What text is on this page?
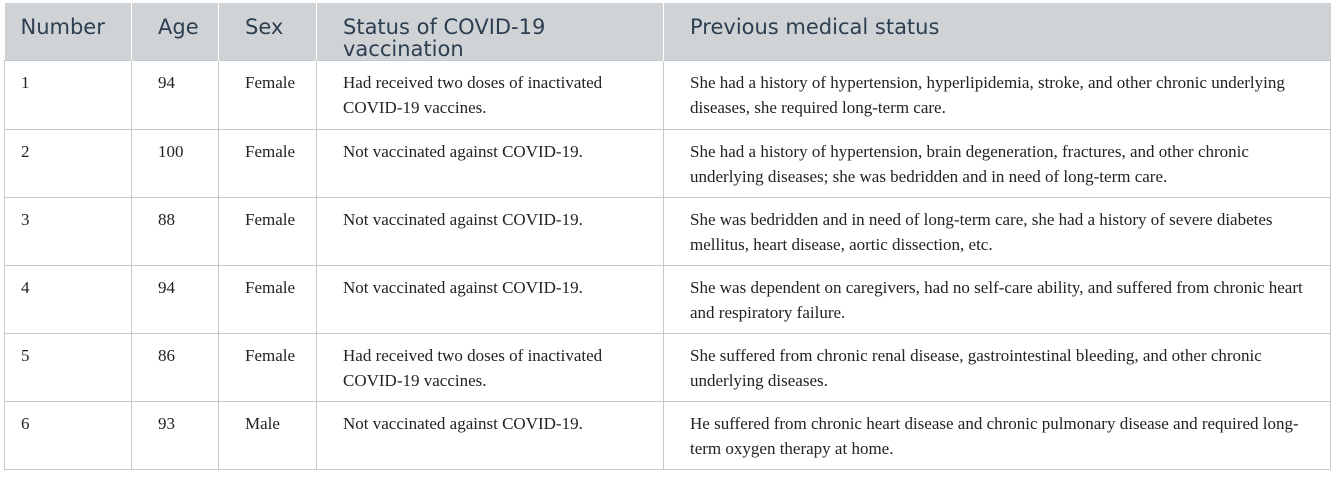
Number	Age	Sex	Status of COVID-19 vaccination	Previous medical status
1	94	Female	Had received two doses of inactivated COVID-19 vaccines.	She had a history of hypertension, hyperlipidemia, stroke, and other chronic underlying diseases, she required long-term care.
2	100	Female	Not vaccinated against COVID-19.	She had a history of hypertension, brain degeneration, fractures, and other chronic underlying diseases; she was bedridden and in need of long-term care.
3	88	Female	Not vaccinated against COVID-19.	She was bedridden and in need of long-term care, she had a history of severe diabetes mellitus, heart disease, aortic dissection, etc.
4	94	Female	Not vaccinated against COVID-19.	She was dependent on caregivers, had no self-care ability, and suffered from chronic heart and respiratory failure.
5	86	Female	Had received two doses of inactivated COVID-19 vaccines.	She suffered from chronic renal disease, gastrointestinal bleeding, and other chronic underlying diseases.
6	93	Male	Not vaccinated against COVID-19.	He suffered from chronic heart disease and chronic pulmonary disease and required long-term oxygen therapy at home.
